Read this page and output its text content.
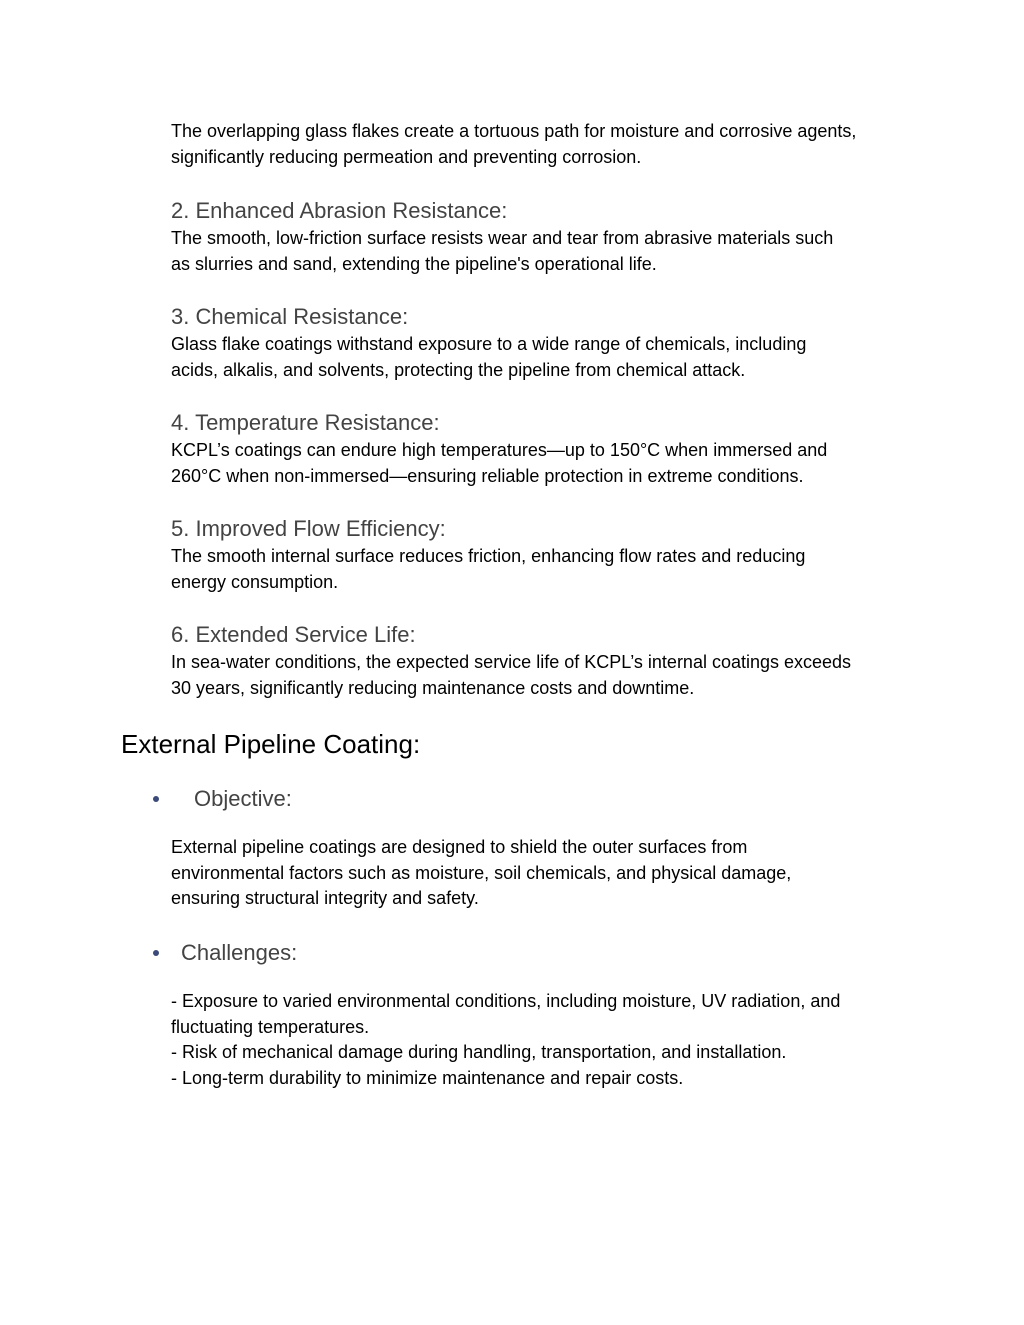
The overlapping glass flakes create a tortuous path for moisture and corrosive agents,
significantly reducing permeation and preventing corrosion.
2. Enhanced Abrasion Resistance:
The smooth, low-friction surface resists wear and tear from abrasive materials such
as slurries and sand, extending the pipeline's operational life.
3. Chemical Resistance:
Glass flake coatings withstand exposure to a wide range of chemicals, including
acids, alkalis, and solvents, protecting the pipeline from chemical attack.
4. Temperature Resistance:
KCPL’s coatings can endure high temperatures—up to 150°C when immersed and
260°C when non-immersed—ensuring reliable protection in extreme conditions.
5. Improved Flow Efficiency:
The smooth internal surface reduces friction, enhancing flow rates and reducing
energy consumption.
6. Extended Service Life:
In sea-water conditions, the expected service life of KCPL’s internal coatings exceeds
30 years, significantly reducing maintenance costs and downtime.
External Pipeline Coating:
Objective:
External pipeline coatings are designed to shield the outer surfaces from
environmental factors such as moisture, soil chemicals, and physical damage,
ensuring structural integrity and safety.
Challenges:
- Exposure to varied environmental conditions, including moisture, UV radiation, and
fluctuating temperatures.
- Risk of mechanical damage during handling, transportation, and installation.
- Long-term durability to minimize maintenance and repair costs.
